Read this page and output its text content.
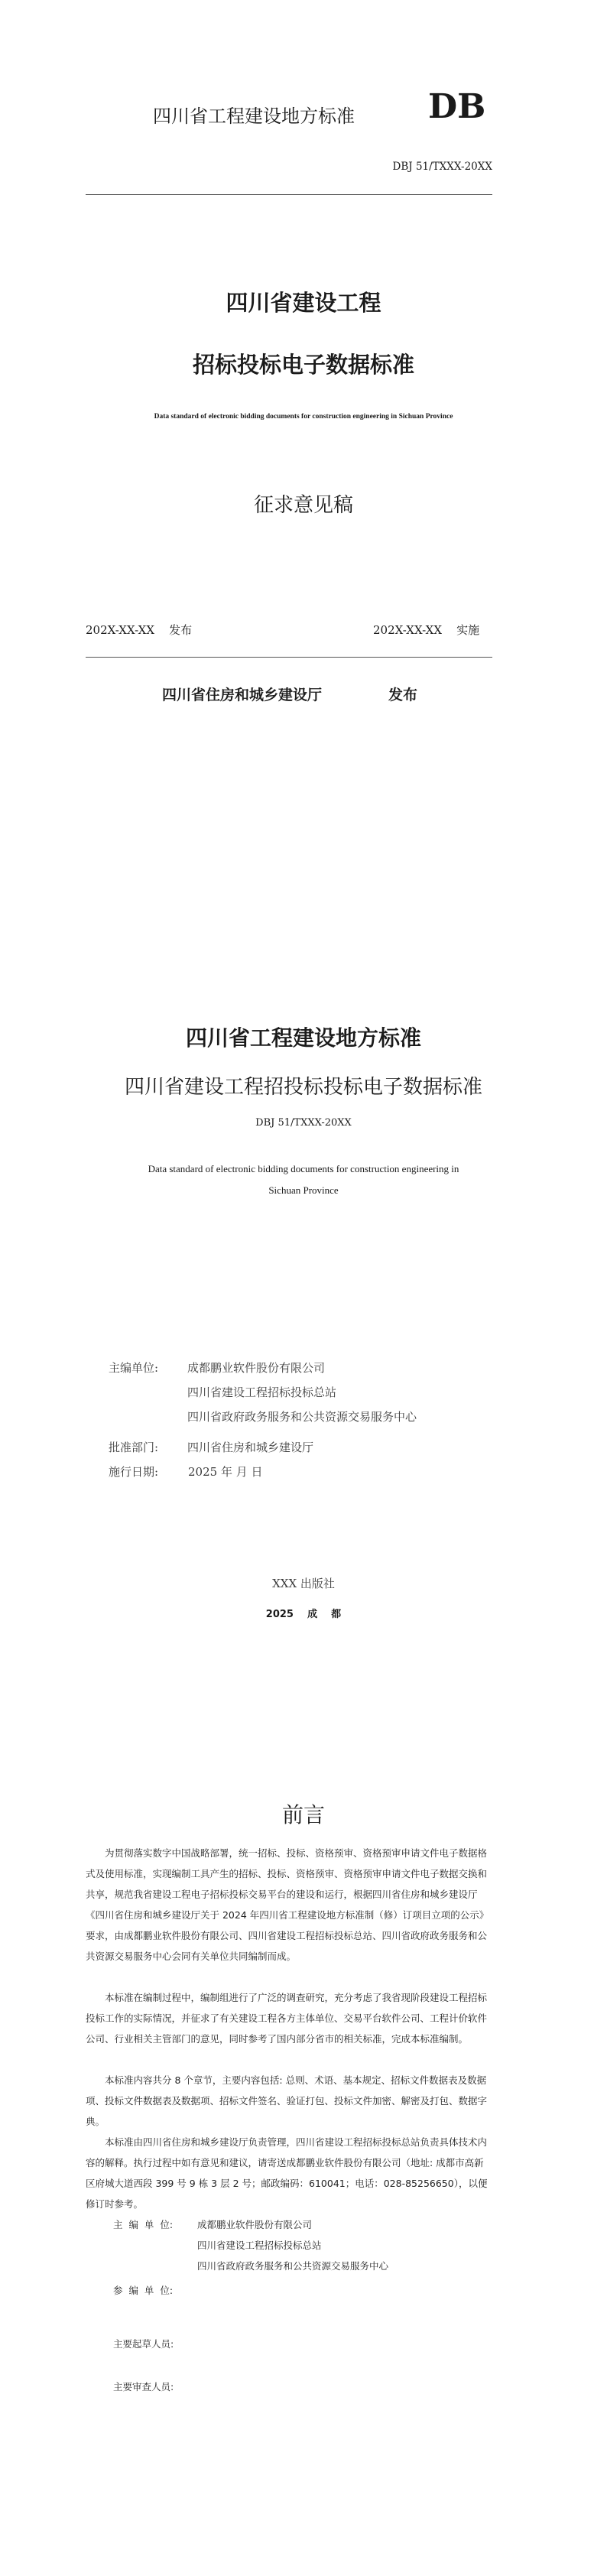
四川省工程建设地方标准 DB
DBJ 51/TXXX-20XX
四川省建设工程
招标投标电子数据标准
Data standard of electronic bidding documents for construction engineering in Sichuan Province
征求意见稿
202X-XX-XX 发布	202X-XX-XX 实施
四川省住房和城乡建设厅	发布
四川省工程建设地方标准
四川省建设工程招投标投标电子数据标准
DBJ 51/TXXX-20XX
Data standard of electronic bidding documents for construction engineering in
Sichuan Province
主编单位:	成都鹏业软件股份有限公司
四川省建设工程招标投标总站
四川省政府政务服务和公共资源交易服务中心
批准部门:	四川省住房和城乡建设厅
施行日期:	2025 年 月 日
XXX 出版社
2025    成    都
前言

为贯彻落实数字中国战略部署，统一招标、投标、资格预审、资格预审申请文件电子数据格式及使用标准，实现编制工具产生的招标、投标、资格预审、资格预审申请文件电子数据交换和共享，规范我省建设工程电子招标投标交易平台的建设和运行，根据四川省住房和城乡建设厅《四川省住房和城乡建设厅关于 2024 年四川省工程建设地方标准制（修）订项目立项的公示》要求，由成都鹏业软件股份有限公司、四川省建设工程招标投标总站、四川省政府政务服务和公共资源交易服务中心会同有关单位共同编制而成。

本标准在编制过程中，编制组进行了广泛的调查研究，充分考虑了我省现阶段建设工程招标投标工作的实际情况，并征求了有关建设工程各方主体单位、交易平台软件公司、工程计价软件公司、行业相关主管部门的意见，同时参考了国内部分省市的相关标准，完成本标准编制。

本标准内容共分 8 个章节，主要内容包括: 总则、术语、基本规定、招标文件数据表及数据项、投标文件数据表及数据项、招标文件签名、验证打包、投标文件加密、解密及打包、数据字典。

本标准由四川省住房和城乡建设厅负责管理，四川省建设工程招标投标总站负责具体技术内容的解释。执行过程中如有意见和建议，请寄送成都鹏业软件股份有限公司（地址: 成都市高新区府城大道西段 399 号 9 栋 3 层 2 号；邮政编码：610041；电话：028-85256650），以便修订时参考。

主  编  单  位:	成都鹏业软件股份有限公司
四川省建设工程招标投标总站
四川省政府政务服务和公共资源交易服务中心
参  编  单  位:
主要起草人员:
主要审查人员:
